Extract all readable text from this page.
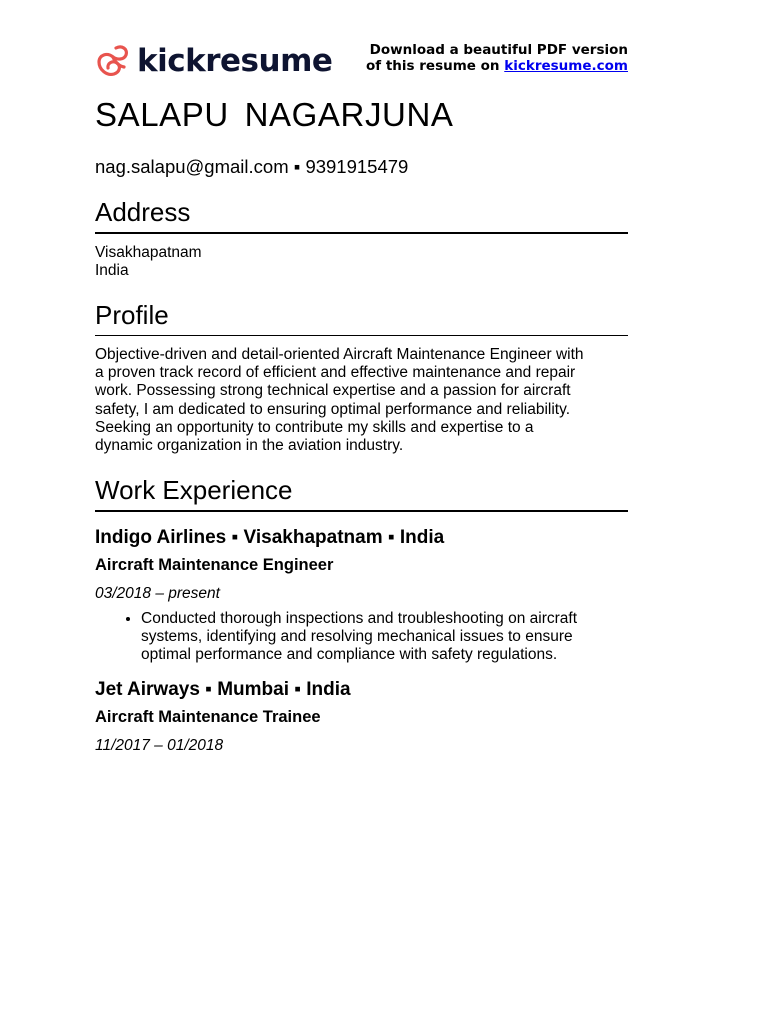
kickresume	Download a beautiful PDF version
of this resume on kickresume.com
SALAPU NAGARJUNA

nag.salapu@gmail.com ▪ 9391915479

Address

Visakhapatnam

India

Profile

Objective-driven and detail-oriented Aircraft Maintenance Engineer with

a proven track record of efficient and effective maintenance and repair

work. Possessing strong technical expertise and a passion for aircraft

safety, I am dedicated to ensuring optimal performance and reliability.

Seeking an opportunity to contribute my skills and expertise to a

dynamic organization in the aviation industry.

Work Experience

Indigo Airlines ▪ Visakhapatnam ▪ India

Aircraft Maintenance Engineer

03/2018 – present

• Conducted thorough inspections and troubleshooting on aircraft
systems, identifying and resolving mechanical issues to ensure
optimal performance and compliance with safety regulations.

Jet Airways ▪ Mumbai ▪ India

Aircraft Maintenance Trainee

11/2017 – 01/2018
